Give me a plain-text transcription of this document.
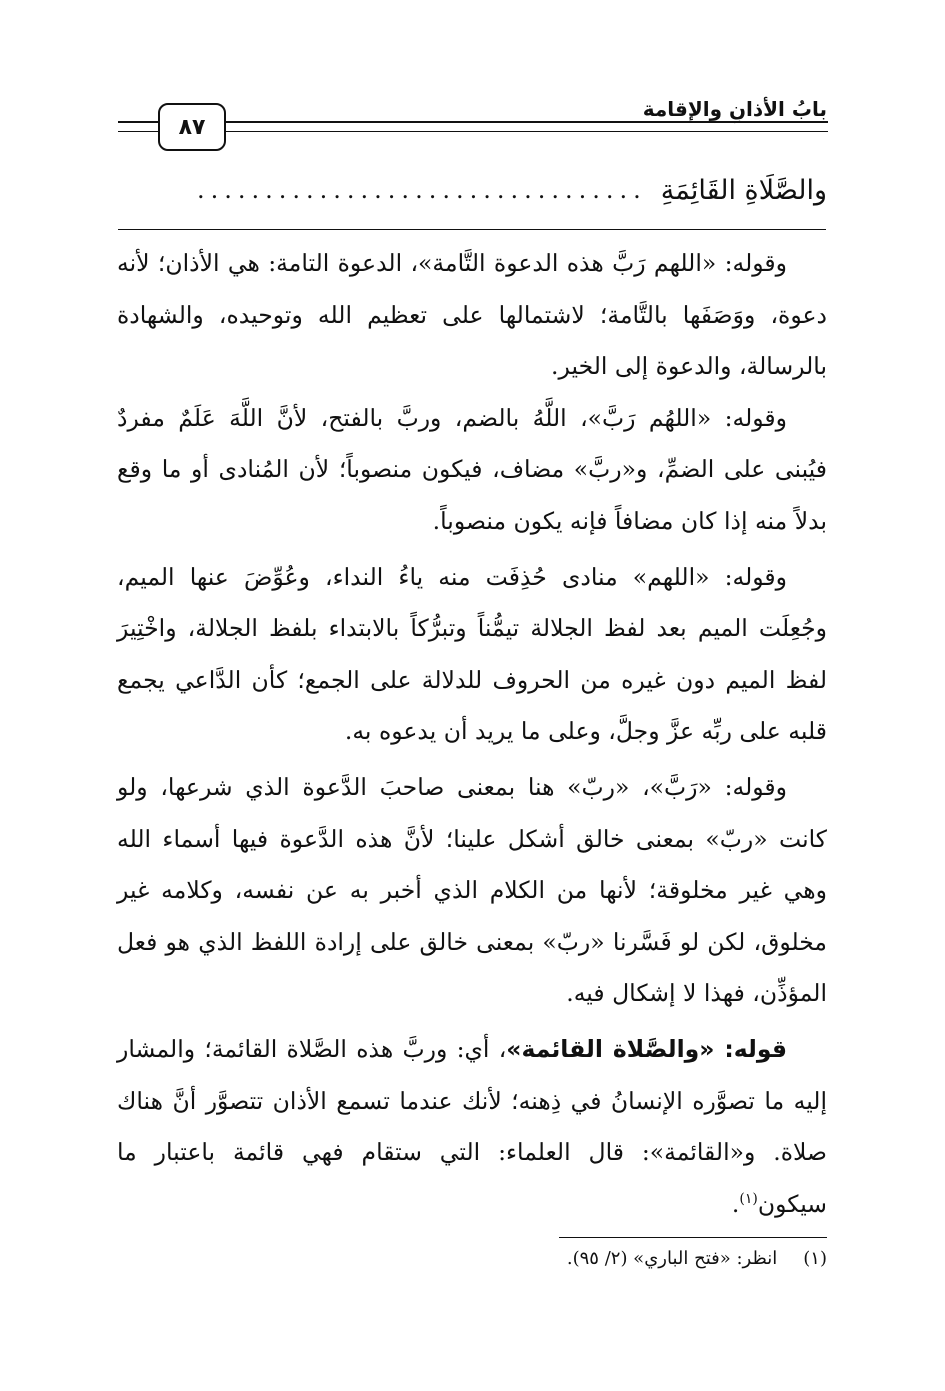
بابُ الأذانِ والإقامة
٨٧
والصَّلَاةِ القَائِمَةِ
.................................

وقوله: «اللهم رَبَّ هذه الدعوة التَّامة»، الدعوة التامة: هي الأذان؛ لأنه دعوة، ووَصَفَها بالتَّامة؛ لاشتمالها على تعظيم الله وتوحيده، والشهادة بالرسالة، والدعوة إلى الخير.

وقوله: «اللهُم رَبَّ»، اللَّهُ بالضم، وربَّ بالفتح، لأنَّ اللَّهَ عَلَمٌ مفردٌ فيُبنى على الضمِّ، و«ربَّ» مضاف، فيكون منصوباً؛ لأن المُنادى أو ما وقع بدلاً منه إذا كان مضافاً فإنه يكون منصوباً.

وقوله: «اللهم» منادى حُذِفَت منه ياءُ النداء، وعُوِّضَ عنها الميم، وجُعِلَت الميم بعد لفظ الجلالة تيمُّناً وتبرُّكاً بالابتداء بلفظ الجلالة، واخْتِيرَ لفظ الميم دون غيره من الحروف للدلالة على الجمع؛ كأن الدَّاعي يجمع قلبه على ربِّه عزَّ وجلَّ، وعلى ما يريد أن يدعوه به.

وقوله: «رَبَّ»، «ربّ» هنا بمعنى صاحبَ الدَّعوة الذي شرعها، ولو كانت «ربّ» بمعنى خالق أشكل علينا؛ لأنَّ هذه الدَّعوة فيها أسماء الله وهي غير مخلوقة؛ لأنها من الكلام الذي أخبر به عن نفسه، وكلامه غير مخلوق، لكن لو فَسَّرنا «ربّ» بمعنى خالق على إرادة اللفظ الذي هو فعل المؤذِّن، فهذا لا إشكال فيه.

قوله: «والصَّلاة القائمة»، أي: وربَّ هذه الصَّلاة القائمة؛ والمشار إليه ما تصوَّره الإنسانُ في ذِهنه؛ لأنك عندما تسمع الأذان تتصوَّر أنَّ هناك صلاة. و«القائمة»: قال العلماء: التي ستقام فهي قائمة باعتبار ما سيكون$^{(١)}$.

(١)انظر: «فتح الباري» (٢/ ٩٥).
